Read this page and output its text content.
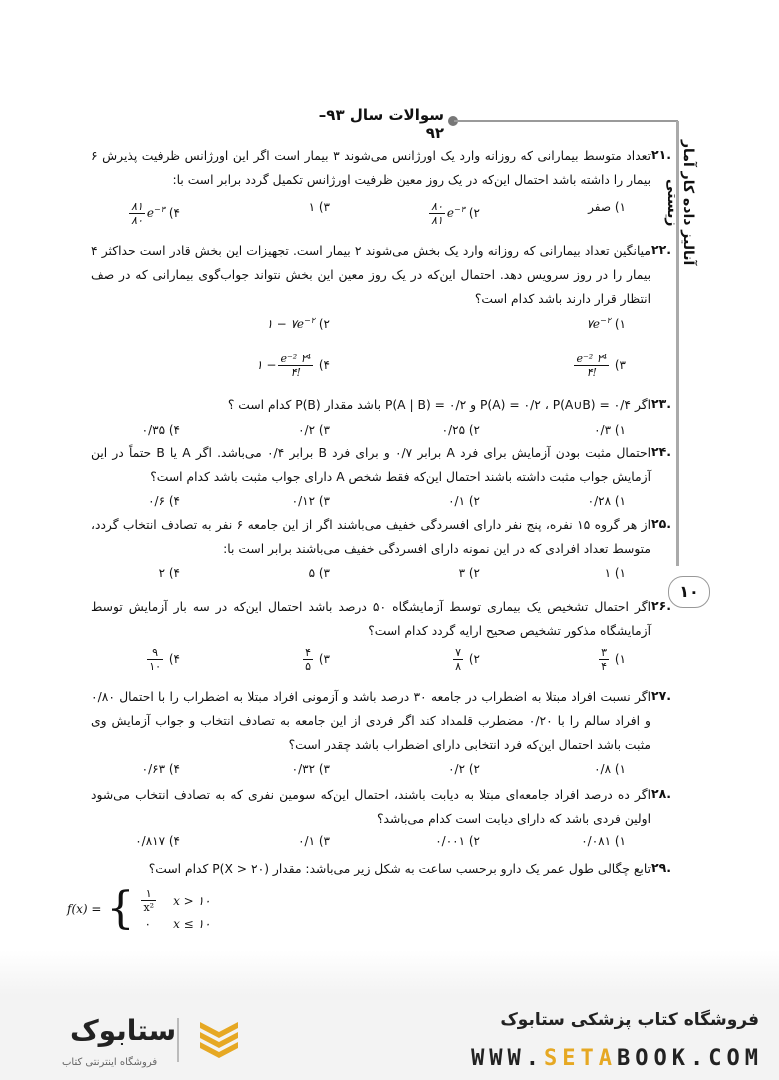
سوالات سال ۹۳–۹۲
آنالیز داده کار آمار زیستی
۱۰
۲۱.
تعداد متوسط بیمارانی که روزانه وارد یک اورژانس می‌شوند ۳ بیمار است اگر این اورژانس ظرفیت پذیرش ۶ بیمار را داشته باشد احتمال این‌که در یک روز معین ظرفیت اورژانس تکمیل گردد برابر است با:
۱) صفر
۲)
$\frac{۸۰}{۸۱} e^{-۳}$
۳) ۱
۴)
$\frac{۸۱}{۸۰} e^{-۳}$
۲۲.
میانگین تعداد بیمارانی که روزانه وارد یک بخش می‌شوند ۲ بیمار است. تجهیزات این بخش قادر است حداکثر ۴ بیمار را در روز سرویس دهد. احتمال این‌که در یک روز معین این بخش نتواند جواب‌گوی بیمارانی که در صف انتظار قرار دارند باشد کدام است؟
۱) $۷e^{-۲}$
۲) ۱ − $۷e^{-۲}$
۳)
$\frac{\text{e⁻² ۲⁴}}{۴!}$
۴) ۱ − $\frac{\text{e⁻² ۲⁴}}{۴!}$
۲۳.
اگر P(A) = ۰/۲ ، P(A∪B) = ۰/۴ و P(A | B) = ۰/۲ باشد مقدار P(B) کدام است ؟
۱) ۰/۳
۲) ۰/۲۵
۳) ۰/۲
۴) ۰/۳۵
۲۴.
احتمال مثبت بودن آزمایش برای فرد A برابر ۰/۷ و برای فرد B برابر ۰/۴ می‌باشد. اگر A یا B حتماً در این آزمایش جواب مثبت داشته باشند احتمال این‌که فقط شخص A دارای جواب مثبت باشد کدام است؟
۱) ۰/۲۸
۲) ۰/۱
۳) ۰/۱۲
۴) ۰/۶
۲۵.
از هر گروه ۱۵ نفره، پنج نفر دارای افسردگی خفیف می‌باشند اگر از این جامعه ۶ نفر به تصادف انتخاب گردد، متوسط تعداد افرادی که در این نمونه دارای افسردگی خفیف می‌باشند برابر است با:
۱) ۱
۲) ۳
۳) ۵
۴) ۲
۲۶.
اگر احتمال تشخیص یک بیماری توسط آزمایشگاه ۵۰ درصد باشد احتمال این‌که در سه بار آزمایش توسط آزمایشگاه مذکور تشخیص صحیح ارایه گردد کدام است؟
۱)
$\frac{۳}{۴}$
۲)
$\frac{۷}{۸}$
۳)
$\frac{۴}{۵}$
۴)
$\frac{۹}{۱۰}$
۲۷.
اگر نسبت افراد مبتلا به اضطراب در جامعه ۳۰ درصد باشد و آزمونی افراد مبتلا به اضطراب را با احتمال ۰/۸۰ و افراد سالم را با ۰/۲۰ مضطرب قلمداد کند اگر فردی از این جامعه به تصادف انتخاب و جواب آزمایش وی مثبت باشد احتمال این‌که فرد انتخابی دارای اضطراب باشد چقدر است؟
۱) ۰/۸
۲) ۰/۲
۳) ۰/۳۲
۴) ۰/۶۳
۲۸.
اگر ده درصد افراد جامعه‌ای مبتلا به دیابت باشند، احتمال این‌که سومین نفری که به تصادف انتخاب می‌شود اولین فردی باشد که دارای دیابت است کدام می‌باشد؟
۱) ۰/۰۸۱
۲) ۰/۰۰۱
۳) ۰/۱
۴) ۰/۸۱۷
۲۹.
تابع چگالی طول عمر یک دارو برحسب ساعت به شکل زیر می‌باشد: مقدار P(X > ۲۰) کدام است؟
f(x) =	{	$\frac{۱}{\text{x²}}$	x > ۱۰
		۰	x ≤ ۱۰
ستابوک
فروشگاه اینترنتی کتاب
فروشگاه کتاب پزشکی ستابوک
WWW.SETABOOK.COM
